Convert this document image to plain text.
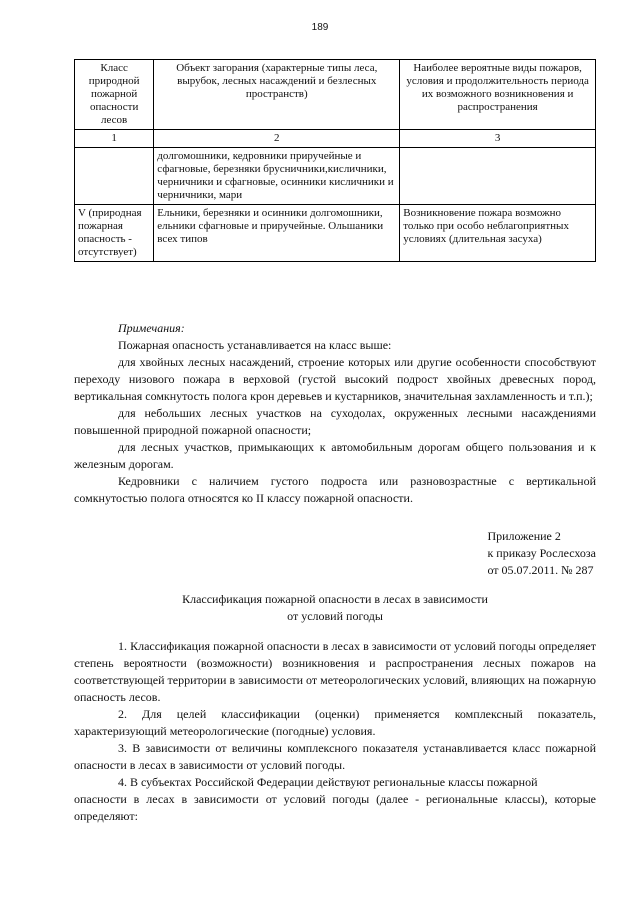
189
Класс природной пожарной опасности лесов	Объект загорания (характерные типы леса, вырубок, лесных насаждений и безлесных пространств)	Наиболее вероятные виды пожаров, условия и продолжительность периода их возможного возникновения и распространения
1	2	3
	долгомошники, кедровники приручейные и сфагновые, березняки брусничники,кисличники, черничники и сфагновые, осинники кисличники и черничники, мари	
V (природная пожарная опасность - отсутствует)	Ельники, березняки и осинники долгомошники, ельники сфагновые и приручейные. Ольшаники всех типов	Возникновение пожара возможно только при особо неблагоприятных условиях (длительная засуха)

Примечания:

Пожарная опасность устанавливается на класс выше:

для хвойных лесных насаждений, строение которых или другие особенности способствуют переходу низового пожара в верховой (густой высокий подрост хвойных древесных пород, вертикальная сомкнутость полога крон деревьев и кустарников, значительная захламленность и т.п.);

для небольших лесных участков на суходолах, окруженных лесными насаждениями повышенной природной пожарной опасности;

для лесных участков, примыкающих к автомобильным дорогам общего пользования и к железным дорогам.

Кедровники с наличием густого подроста или разновозрастные с вертикальной сомкнутостью полога относятся ко II классу пожарной опасности.

Приложение 2
к приказу Рослесхоза
от 05.07.2011. № 287
Классификация пожарной опасности в лесах в зависимости
от условий погоды

1. Классификация пожарной опасности в лесах в зависимости от условий погоды определяет степень вероятности (возможности) возникновения и распространения лесных пожаров на соответствующей территории в зависимости от метеорологических условий, влияющих на пожарную опасность лесов.

2. Для целей классификации (оценки) применяется комплексный показатель, характеризующий метеорологические (погодные) условия.

3. В зависимости от величины комплексного показателя устанавливается класс пожарной опасности в лесах в зависимости от условий погоды.

4. В субъектах Российской Федерации действуют региональные классы пожарной

опасности в лесах в зависимости от условий погоды (далее - региональные классы), которые определяют:
